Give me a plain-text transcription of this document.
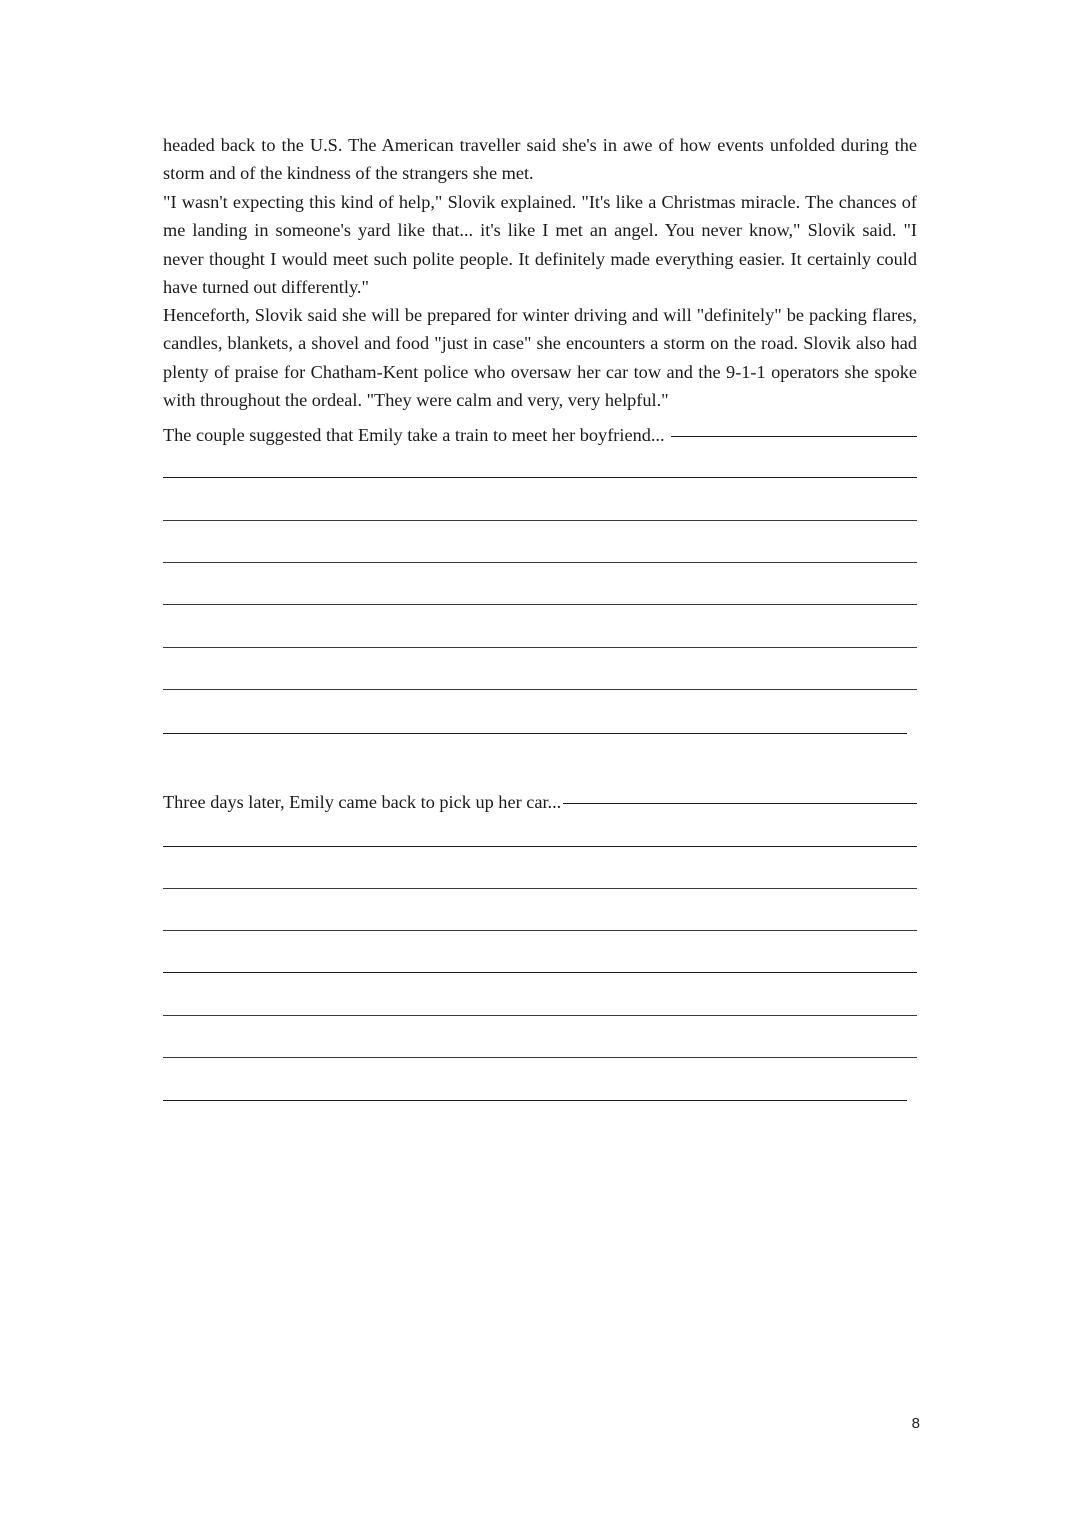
headed back to the U.S. The American traveller said she's in awe of how events unfolded during the storm and of the kindness of the strangers she met.

"I wasn't expecting this kind of help," Slovik explained. "It's like a Christmas miracle. The chances of me landing in someone's yard like that... it's like I met an angel. You never know," Slovik said. "I never thought I would meet such polite people. It definitely made everything easier. It certainly could have turned out differently."

Henceforth, Slovik said she will be prepared for winter driving and will "definitely" be packing flares, candles, blankets, a shovel and food "just in case" she encounters a storm on the road. Slovik also had plenty of praise for Chatham-Kent police who oversaw her car tow and the 9-1-1 operators she spoke with throughout the ordeal. "They were calm and very, very helpful."

The couple suggested that Emily take a train to meet her boyfriend...
Three days later, Emily came back to pick up her car...
8
